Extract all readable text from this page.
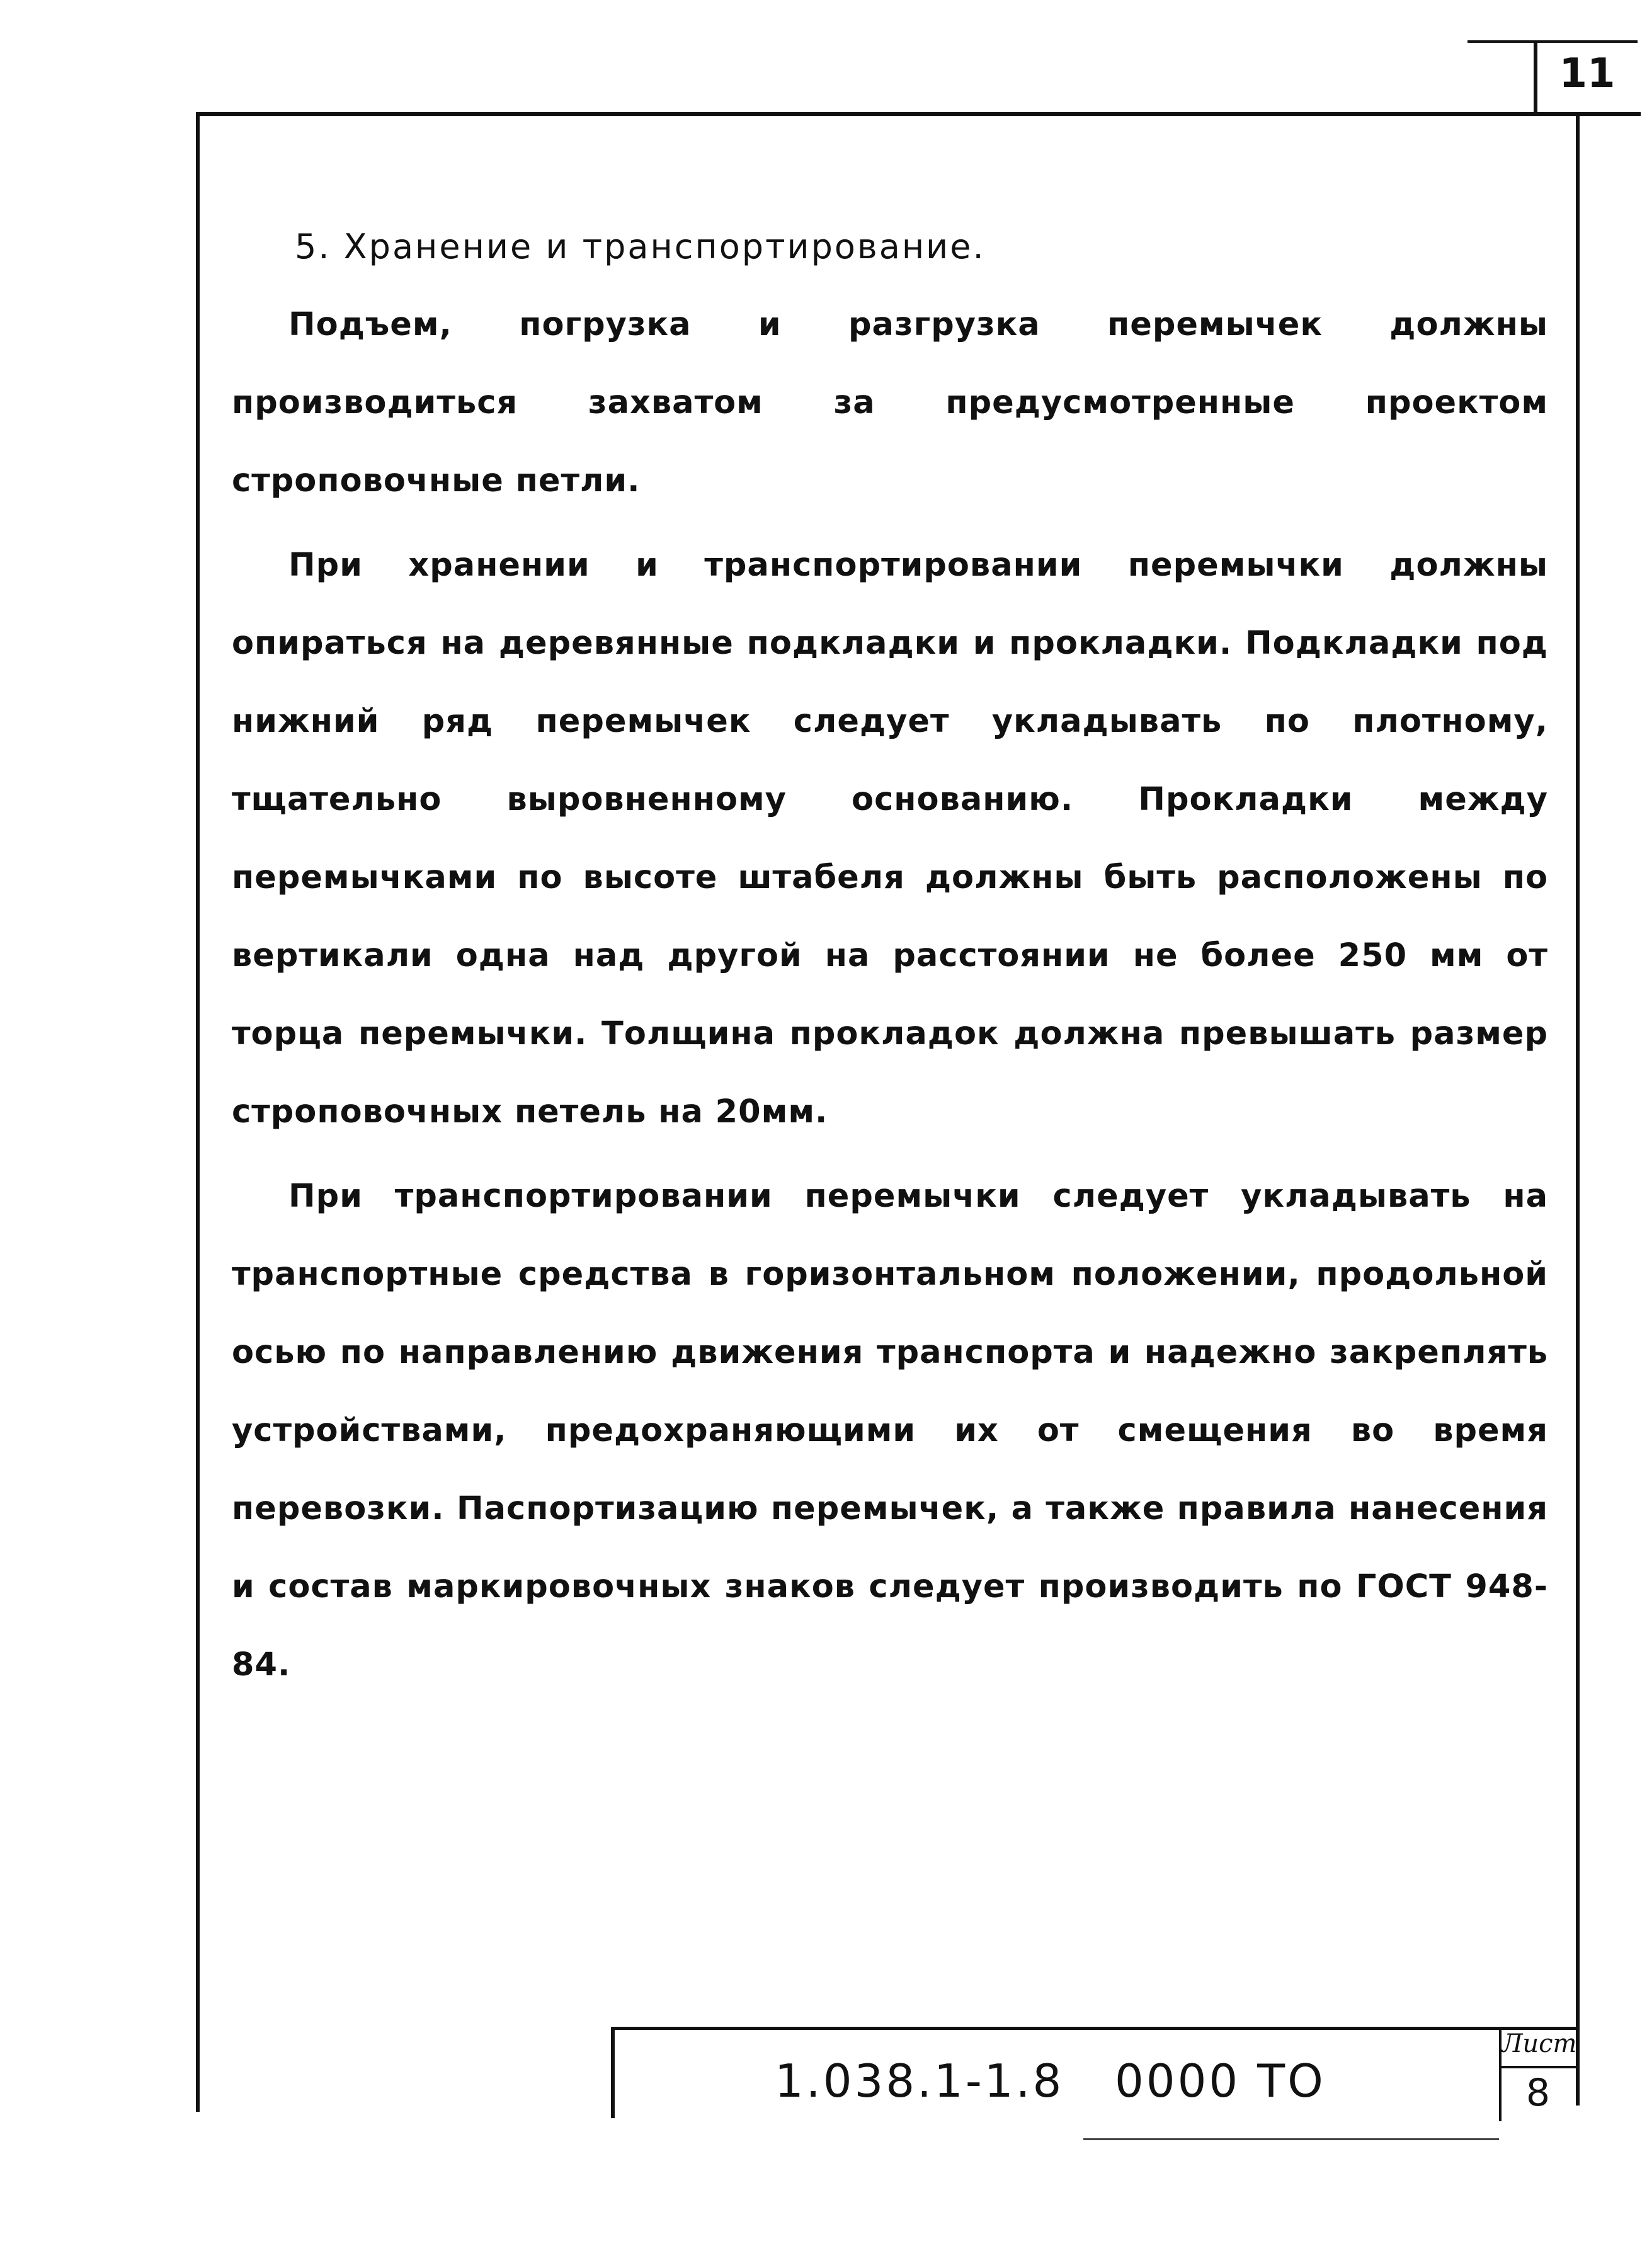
11

5. Хранение и транспортирование.

Подъем, погрузка и разгрузка перемычек должны производиться захватом за предусмотренные проектом строповочные петли.

При хранении и транспортировании перемычки должны опираться на деревянные подкладки и прокладки. Подкладки под нижний ряд перемычек следует укладывать по плотному, тщательно выровненному основанию. Прокладки между перемычками по высоте штабеля должны быть расположены по вертикали одна над другой на расстоянии не более 250 мм от торца перемычки. Толщина прокладок должна превышать размер строповочных петель на 20мм.

При транспортировании перемычки следует укладывать на транспортные средства в горизонтальном положении, продольной осью по направлению движения транспорта и надежно закреплять устройствами, предохраняющими их от смещения во время перевозки. Паспортизацию перемычек, а также правила нанесения и состав маркировочных знаков следует производить по ГОСТ 948-84.

1.038.1-1.8   0000 ТО
Лист
8
